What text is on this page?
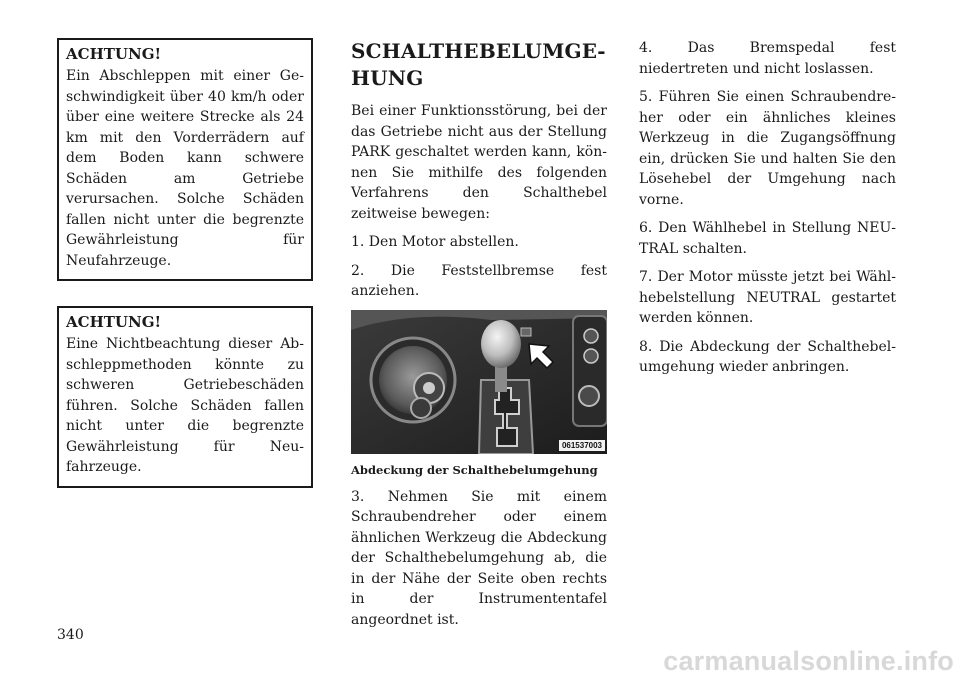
ACHTUNG!

Ein Abschleppen mit einer Geschwindigkeit über 40 km/h oder über eine weitere Strecke als 24 km mit den Vorderrädern auf dem Boden kann schwere Schäden am Getriebe verursachen. Solche Schäden fallen nicht unter die begrenzte Gewährleistung für Neufahrzeuge.

ACHTUNG!

Eine Nichtbeachtung dieser Abschleppmethoden könnte zu schweren Getriebeschäden führen. Solche Schäden fallen nicht unter die begrenzte Gewährleistung für Neufahrzeuge.

SCHALTHEBELUMGEHUNG

Bei einer Funktionsstörung, bei der das Getriebe nicht aus der Stellung PARK geschaltet werden kann, können Sie mithilfe des folgenden Verfahrens den Schalthebel zeitweise bewegen:

1. Den Motor abstellen.

2. Die Feststellbremse fest anziehen.

061537003

Abdeckung der Schalthebelumgehung

3. Nehmen Sie mit einem Schraubendreher oder einem ähnlichen Werkzeug die Abdeckung der Schalthebelumgehung ab, die in der Nähe der Seite oben rechts in der Instrumententafel angeordnet ist.

4. Das Bremspedal fest niedertreten und nicht loslassen.

5. Führen Sie einen Schraubendreher oder ein ähnliches kleines Werkzeug in die Zugangsöffnung ein, drücken Sie und halten Sie den Lösehebel der Umgehung nach vorne.

6. Den Wählhebel in Stellung NEUTRAL schalten.

7. Der Motor müsste jetzt bei Wählhebelstellung NEUTRAL gestartet werden können.

8. Die Abdeckung der Schalthebelumgehung wieder anbringen.

340
carmanualsonline.info
